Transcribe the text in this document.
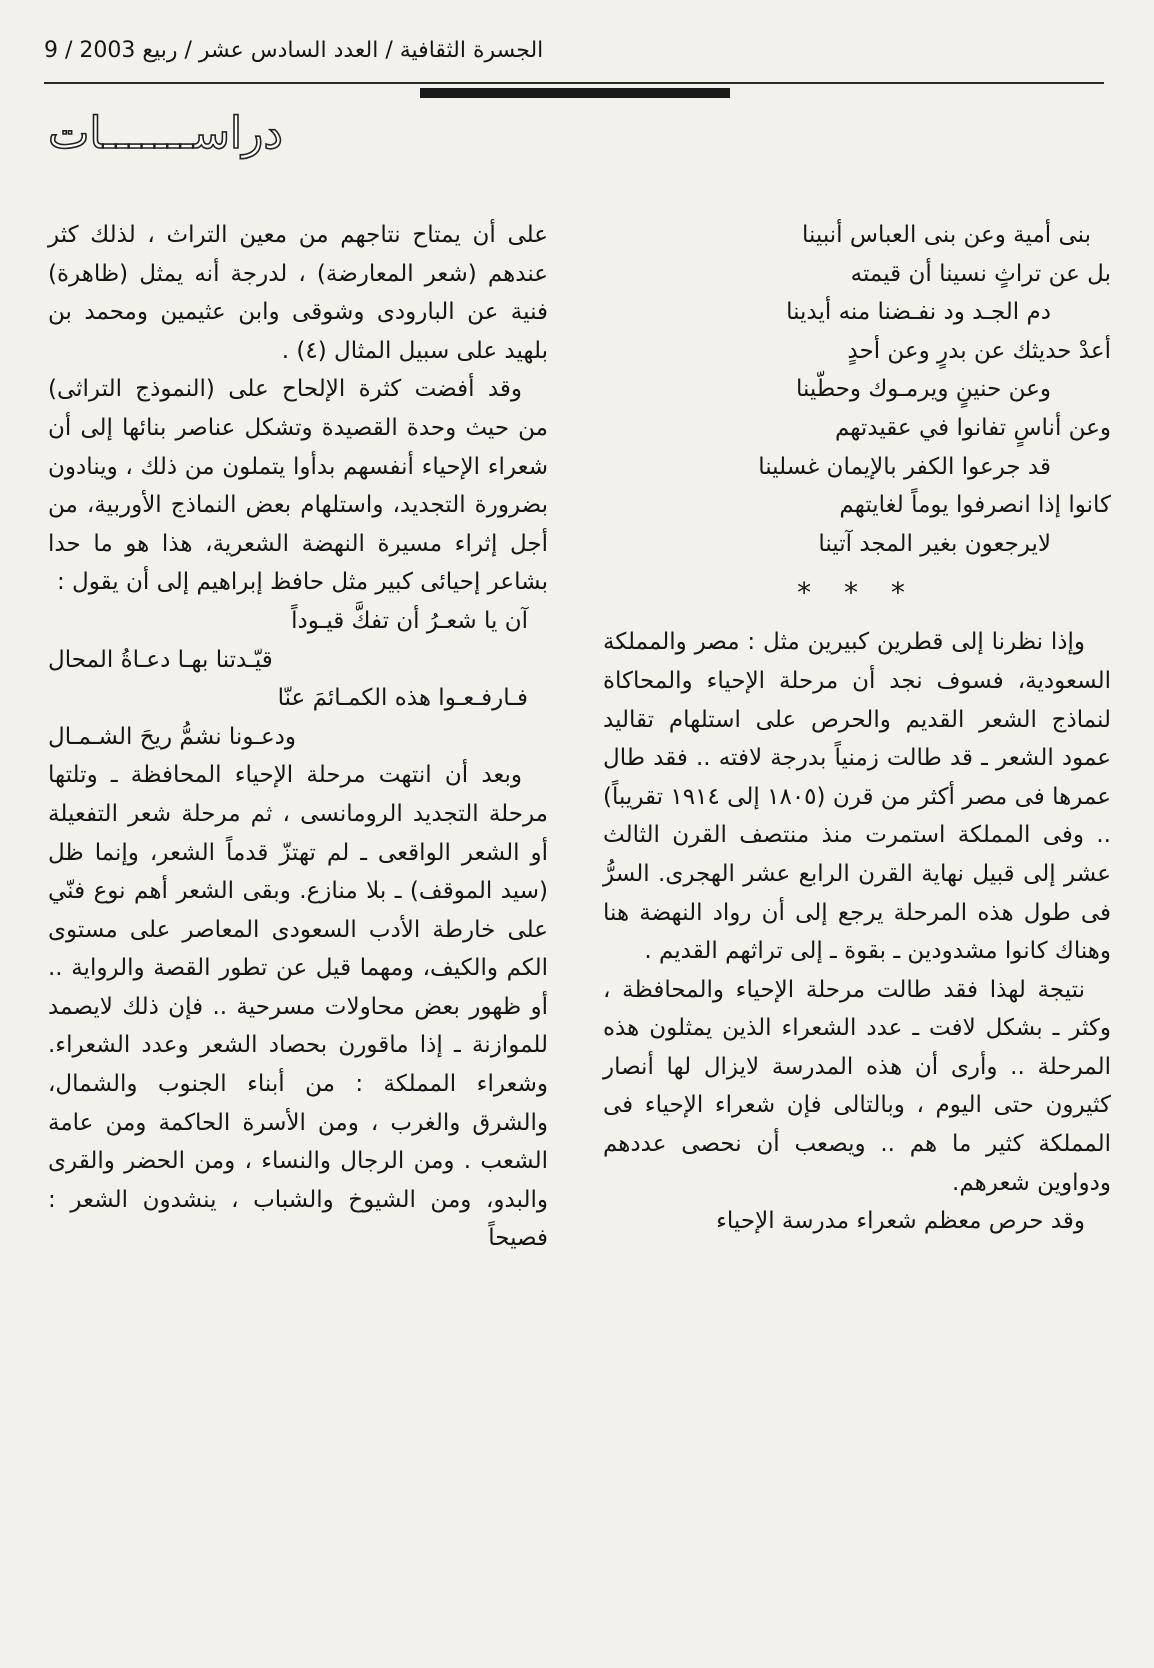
الجسرة الثقافية / العدد السادس عشر / ربيع 2003 / 9
دراســـــــات
بنى أمية وعن بنى العباس أنبينا
بل عن تراثٍ نسينا أن قيمته
دم الجـد ود نفـضنا منه أيدينا
أعدْ حديثك عن بدرٍ وعن أحدٍ
وعن حنينٍ ويرمـوك وحطّينا
وعن أناسٍ تفانوا في عقيدتهم
قد جرعوا الكفر بالإيمان غسلينا
كانوا إذا انصرفوا يوماً لغايتهم
لايرجعون بغير المجد آتينا
* * *

وإذا نظرنا إلى قطرين كبيرين مثل : مصر والمملكة السعودية، فسوف نجد أن مرحلة الإحياء والمحاكاة لنماذج الشعر القديم والحرص على استلهام تقاليد عمود الشعر ـ قد طالت زمنياً بدرجة لافته .. فقد طال عمرها فى مصر أكثر من قرن (١٨٠٥ إلى ١٩١٤ تقريباً) .. وفى المملكة استمرت منذ منتصف القرن الثالث عشر إلى قبيل نهاية القرن الرابع عشر الهجرى. السرُّ فى طول هذه المرحلة يرجع إلى أن رواد النهضة هنا وهناك كانوا مشدودين ـ بقوة ـ إلى تراثهم القديم .

نتيجة لهذا فقد طالت مرحلة الإحياء والمحافظة ، وكثر ـ بشكل لافت ـ عدد الشعراء الذين يمثلون هذه المرحلة .. وأرى أن هذه المدرسة لايزال لها أنصار كثيرون حتى اليوم ، وبالتالى فإن شعراء الإحياء فى المملكة كثير ما هم .. ويصعب أن نحصى عددهم ودواوين شعرهم.

وقد حرص معظم شعراء مدرسة الإحياء

على أن يمتاح نتاجهم من معين التراث ، لذلك كثر عندهم (شعر المعارضة) ، لدرجة أنه يمثل (ظاهرة) فنية عن البارودى وشوقى وابن عثيمين ومحمد بن بلهيد على سبيل المثال (٤) .

وقد أفضت كثرة الإلحاح على (النموذج التراثى) من حيث وحدة القصيدة وتشكل عناصر بنائها إلى أن شعراء الإحياء أنفسهم بدأوا يتملون من ذلك ، وينادون بضرورة التجديد، واستلهام بعض النماذج الأوربية، من أجل إثراء مسيرة النهضة الشعرية، هذا هو ما حدا بشاعر إحيائى كبير مثل حافظ إبراهيم إلى أن يقول :

آن يا شعـرُ أن تفكَّ قيـوداً
قيّـدتنا بهـا دعـاةُ المحال
فـارفـعـوا هذه الكمـائمَ عنّا
ودعـونا نشمُّ ريحَ الشـمـال

وبعد أن انتهت مرحلة الإحياء المحافظة ـ وتلتها مرحلة التجديد الرومانسى ، ثم مرحلة شعر التفعيلة أو الشعر الواقعى ـ لم تهتزّ قدماً الشعر، وإنما ظل (سيد الموقف) ـ بلا منازع. وبقى الشعر أهم نوع فنّي على خارطة الأدب السعودى المعاصر على مستوى الكم والكيف، ومهما قيل عن تطور القصة والرواية .. أو ظهور بعض محاولات مسرحية .. فإن ذلك لايصمد للموازنة ـ إذا ماقورن بحصاد الشعر وعدد الشعراء. وشعراء المملكة : من أبناء الجنوب والشمال، والشرق والغرب ، ومن الأسرة الحاكمة ومن عامة الشعب . ومن الرجال والنساء ، ومن الحضر والقرى والبدو، ومن الشيوخ والشباب ، ينشدون الشعر : فصيحاً
